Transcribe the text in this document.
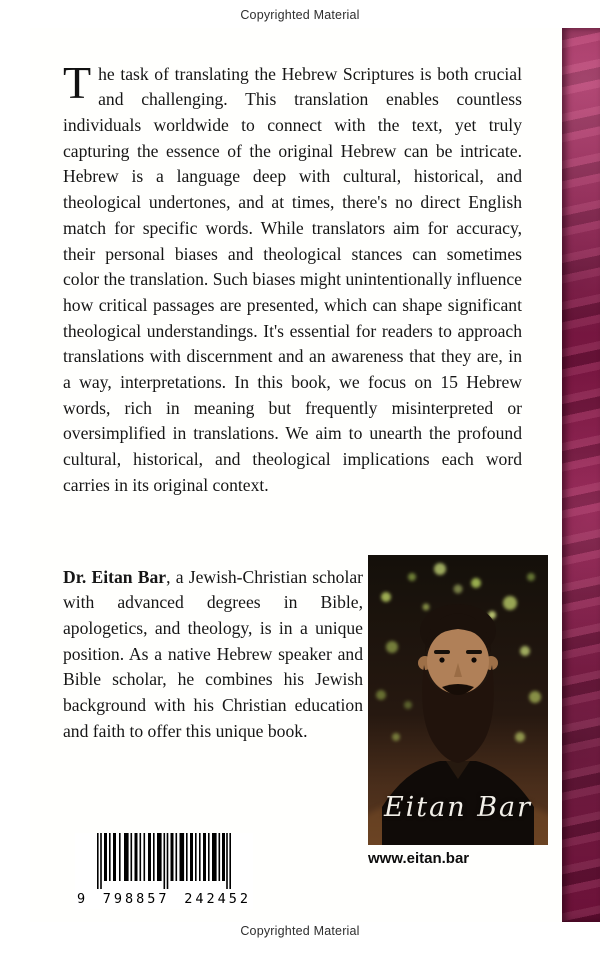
Copyrighted Material

The task of translating the Hebrew Scriptures is both crucial and challenging. This translation enables countless individuals worldwide to connect with the text, yet truly capturing the essence of the original Hebrew can be intricate. Hebrew is a language deep with cultural, historical, and theological undertones, and at times, there's no direct English match for specific words. While translators aim for accuracy, their personal biases and theological stances can sometimes color the translation. Such biases might unintentionally influence how critical passages are presented, which can shape significant theological understandings. It's essential for readers to approach translations with discernment and an awareness that they are, in a way, interpretations. In this book, we focus on 15 Hebrew words, rich in meaning but frequently misinterpreted or oversimplified in translations. We aim to unearth the profound cultural, historical, and theological implications each word carries in its original context.

Dr. Eitan Bar, a Jewish-Christian scholar with advanced degrees in Bible, apologetics, and theology, is in a unique position. As a native Hebrew speaker and Bible scholar, he combines his Jewish background with his Christian education and faith to offer this unique book.

Eitan Bar
www.eitan.bar
9 798857 242452
Copyrighted Material
